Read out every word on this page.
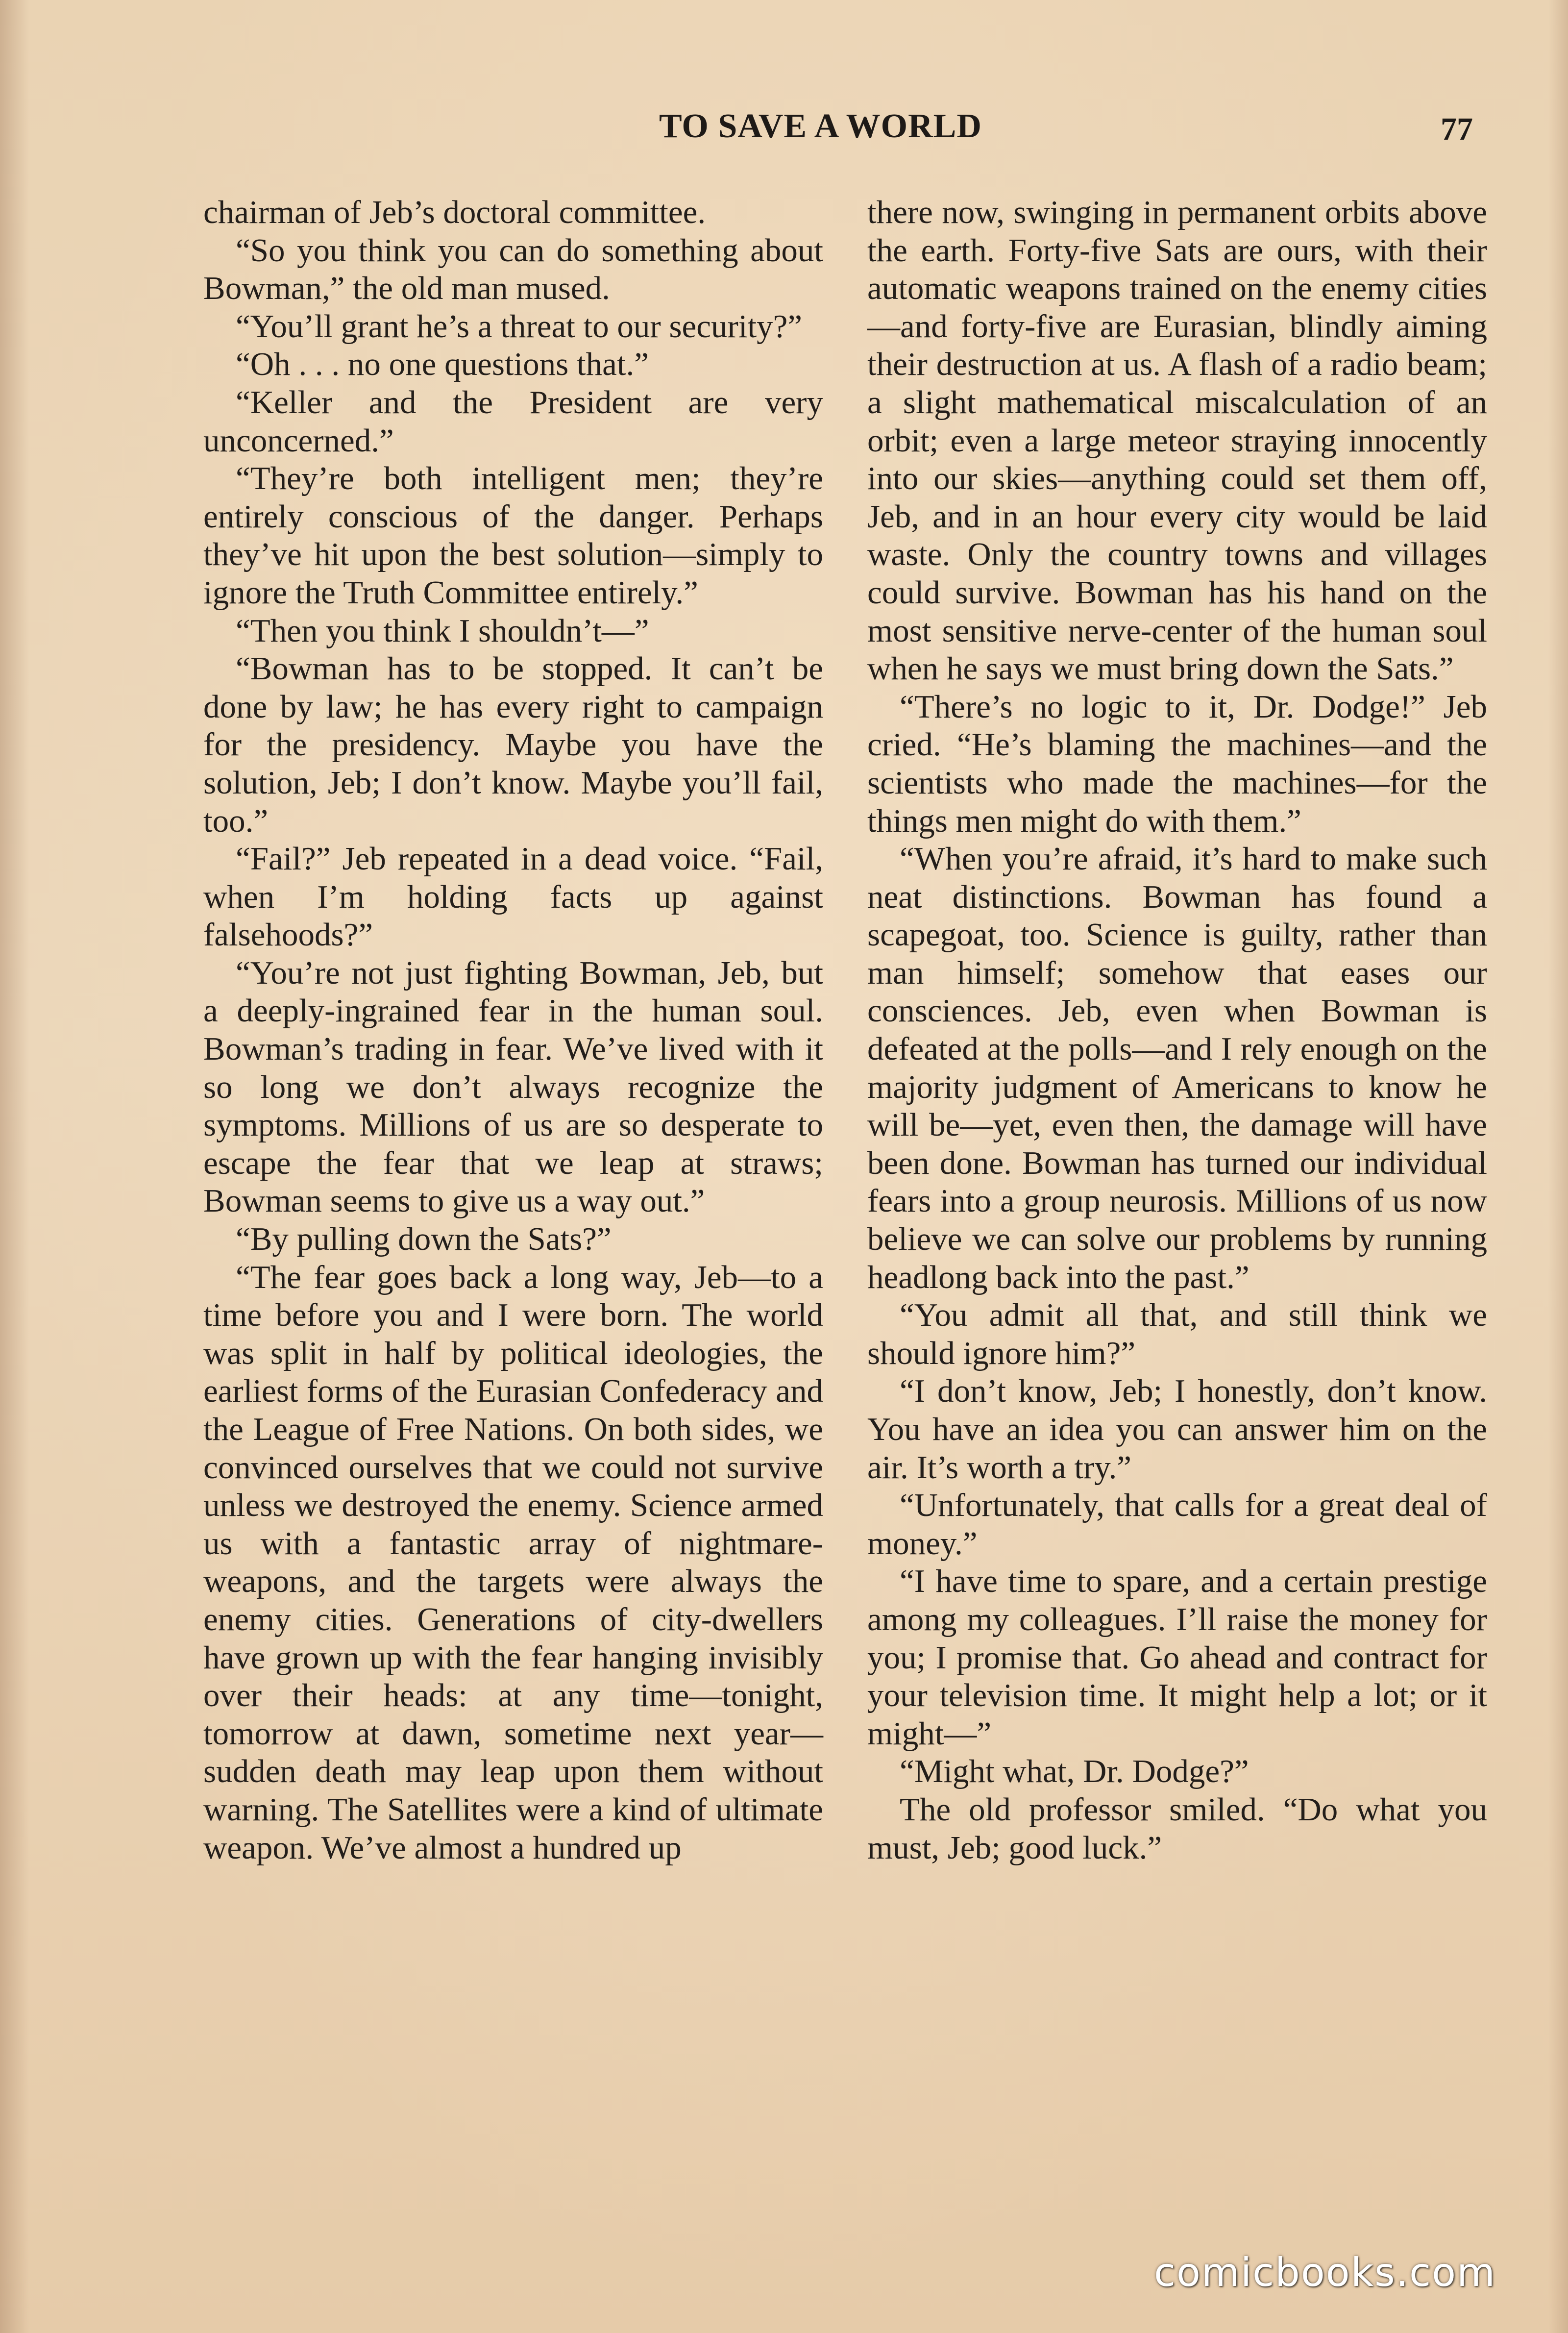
TO SAVE A WORLD	77

chairman of Jeb’s doctoral committee.

“So you think you can do something about Bowman,” the old man mused.

“You’ll grant he’s a threat to our security?”

“Oh . . . no one questions that.”

“Keller and the President are very unconcerned.”

“They’re both intelligent men; they’re entirely conscious of the danger. Perhaps they’ve hit upon the best solution—simply to ignore the Truth Committee entirely.”

“Then you think I shouldn’t—”

“Bowman has to be stopped. It can’t be done by law; he has every right to campaign for the presidency. Maybe you have the solution, Jeb; I don’t know. Maybe you’ll fail, too.”

“Fail?” Jeb repeated in a dead voice. “Fail, when I’m holding facts up against falsehoods?”

“You’re not just fighting Bowman, Jeb, but a deeply-ingrained fear in the human soul. Bowman’s trading in fear. We’ve lived with it so long we don’t always recognize the symptoms. Millions of us are so desperate to escape the fear that we leap at straws; Bowman seems to give us a way out.”

“By pulling down the Sats?”

“The fear goes back a long way, Jeb—to a time before you and I were born. The world was split in half by political ideologies, the earliest forms of the Eurasian Confederacy and the League of Free Nations. On both sides, we convinced ourselves that we could not survive unless we destroyed the enemy. Science armed us with a fantastic array of nightmare-weapons, and the targets were always the enemy cities. Generations of city-dwellers have grown up with the fear hanging invisibly over their heads: at any time—tonight, tomorrow at dawn, sometime next year—sudden death may leap upon them without warning. The Satellites were a kind of ultimate weapon. We’ve almost a hundred up

there now, swinging in permanent orbits above the earth. Forty-five Sats are ours, with their automatic weapons trained on the enemy cities—and forty-five are Eurasian, blindly aiming their destruction at us. A flash of a radio beam; a slight mathematical miscalculation of an orbit; even a large meteor straying innocently into our skies—anything could set them off, Jeb, and in an hour every city would be laid waste. Only the country towns and villages could survive. Bowman has his hand on the most sensitive nerve-center of the human soul when he says we must bring down the Sats.”

“There’s no logic to it, Dr. Dodge!” Jeb cried. “He’s blaming the machines—and the scientists who made the machines—for the things men might do with them.”

“When you’re afraid, it’s hard to make such neat distinctions. Bowman has found a scapegoat, too. Science is guilty, rather than man himself; somehow that eases our consciences. Jeb, even when Bowman is defeated at the polls—and I rely enough on the majority judgment of Americans to know he will be—yet, even then, the damage will have been done. Bowman has turned our individual fears into a group neurosis. Millions of us now believe we can solve our problems by running headlong back into the past.”

“You admit all that, and still think we should ignore him?”

“I don’t know, Jeb; I honestly, don’t know. You have an idea you can answer him on the air. It’s worth a try.”

“Unfortunately, that calls for a great deal of money.”

“I have time to spare, and a certain prestige among my colleagues. I’ll raise the money for you; I promise that. Go ahead and contract for your television time. It might help a lot; or it might—”

“Might what, Dr. Dodge?”

The old professor smiled. “Do what you must, Jeb; good luck.”

comicbooks.com
